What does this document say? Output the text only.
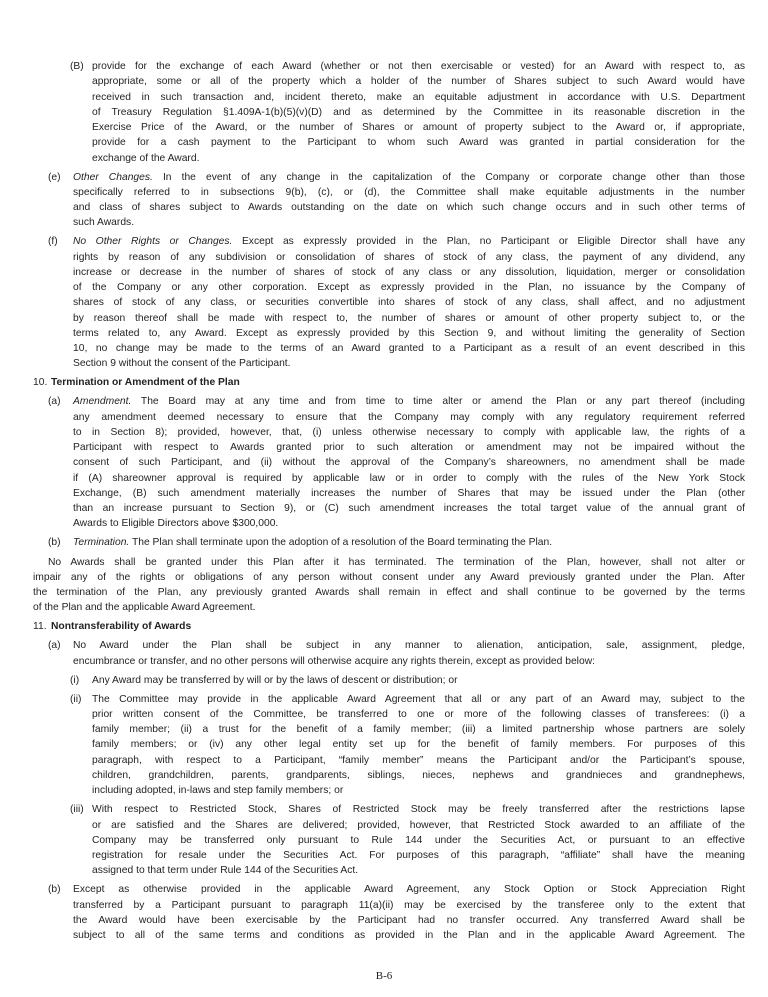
(B) provide for the exchange of each Award (whether or not then exercisable or vested) for an Award with respect to, as
appropriate, some or all of the property which a holder of the number of Shares subject to such Award would have
received in such transaction and, incident thereto, make an equitable adjustment in accordance with U.S. Department
of Treasury Regulation §1.409A-1(b)(5)(v)(D) and as determined by the Committee in its reasonable discretion in the
Exercise Price of the Award, or the number of Shares or amount of property subject to the Award or, if appropriate,
provide for a cash payment to the Participant to whom such Award was granted in partial consideration for the
exchange of the Award.
(e) Other Changes. In the event of any change in the capitalization of the Company or corporate change other than those
specifically referred to in subsections 9(b), (c), or (d), the Committee shall make equitable adjustments in the number
and class of shares subject to Awards outstanding on the date on which such change occurs and in such other terms of
such Awards.
(f) No Other Rights or Changes. Except as expressly provided in the Plan, no Participant or Eligible Director shall have any
rights by reason of any subdivision or consolidation of shares of stock of any class, the payment of any dividend, any
increase or decrease in the number of shares of stock of any class or any dissolution, liquidation, merger or consolidation
of the Company or any other corporation. Except as expressly provided in the Plan, no issuance by the Company of
shares of stock of any class, or securities convertible into shares of stock of any class, shall affect, and no adjustment
by reason thereof shall be made with respect to, the number of shares or amount of other property subject to, or the
terms related to, any Award. Except as expressly provided by this Section 9, and without limiting the generality of Section
10, no change may be made to the terms of an Award granted to a Participant as a result of an event described in this
Section 9 without the consent of the Participant.
10. Termination or Amendment of the Plan
(a) Amendment. The Board may at any time and from time to time alter or amend the Plan or any part thereof (including
any amendment deemed necessary to ensure that the Company may comply with any regulatory requirement referred
to in Section 8); provided, however, that, (i) unless otherwise necessary to comply with applicable law, the rights of a
Participant with respect to Awards granted prior to such alteration or amendment may not be impaired without the
consent of such Participant, and (ii) without the approval of the Company’s shareowners, no amendment shall be made
if (A) shareowner approval is required by applicable law or in order to comply with the rules of the New York Stock
Exchange, (B) such amendment materially increases the number of Shares that may be issued under the Plan (other
than an increase pursuant to Section 9), or (C) such amendment increases the total target value of the annual grant of
Awards to Eligible Directors above $300,000.
(b) Termination. The Plan shall terminate upon the adoption of a resolution of the Board terminating the Plan.
No Awards shall be granted under this Plan after it has terminated. The termination of the Plan, however, shall not alter or
impair any of the rights or obligations of any person without consent under any Award previously granted under the Plan. After
the termination of the Plan, any previously granted Awards shall remain in effect and shall continue to be governed by the terms
of the Plan and the applicable Award Agreement.
11. Nontransferability of Awards
(a) No Award under the Plan shall be subject in any manner to alienation, anticipation, sale, assignment, pledge,
encumbrance or transfer, and no other persons will otherwise acquire any rights therein, except as provided below:
(i) Any Award may be transferred by will or by the laws of descent or distribution; or
(ii) The Committee may provide in the applicable Award Agreement that all or any part of an Award may, subject to the
prior written consent of the Committee, be transferred to one or more of the following classes of transferees: (i) a
family member; (ii) a trust for the benefit of a family member; (iii) a limited partnership whose partners are solely
family members; or (iv) any other legal entity set up for the benefit of family members. For purposes of this
paragraph, with respect to a Participant, “family member” means the Participant and/or the Participant’s spouse,
children, grandchildren, parents, grandparents, siblings, nieces, nephews and grandnieces and grandnephews,
including adopted, in-laws and step family members; or
(iii) With respect to Restricted Stock, Shares of Restricted Stock may be freely transferred after the restrictions lapse
or are satisfied and the Shares are delivered; provided, however, that Restricted Stock awarded to an affiliate of the
Company may be transferred only pursuant to Rule 144 under the Securities Act, or pursuant to an effective
registration for resale under the Securities Act. For purposes of this paragraph, “affiliate” shall have the meaning
assigned to that term under Rule 144 of the Securities Act.
(b) Except as otherwise provided in the applicable Award Agreement, any Stock Option or Stock Appreciation Right
transferred by a Participant pursuant to paragraph 11(a)(ii) may be exercised by the transferee only to the extent that
the Award would have been exercisable by the Participant had no transfer occurred. Any transferred Award shall be
subject to all of the same terms and conditions as provided in the Plan and in the applicable Award Agreement. The
B-6
